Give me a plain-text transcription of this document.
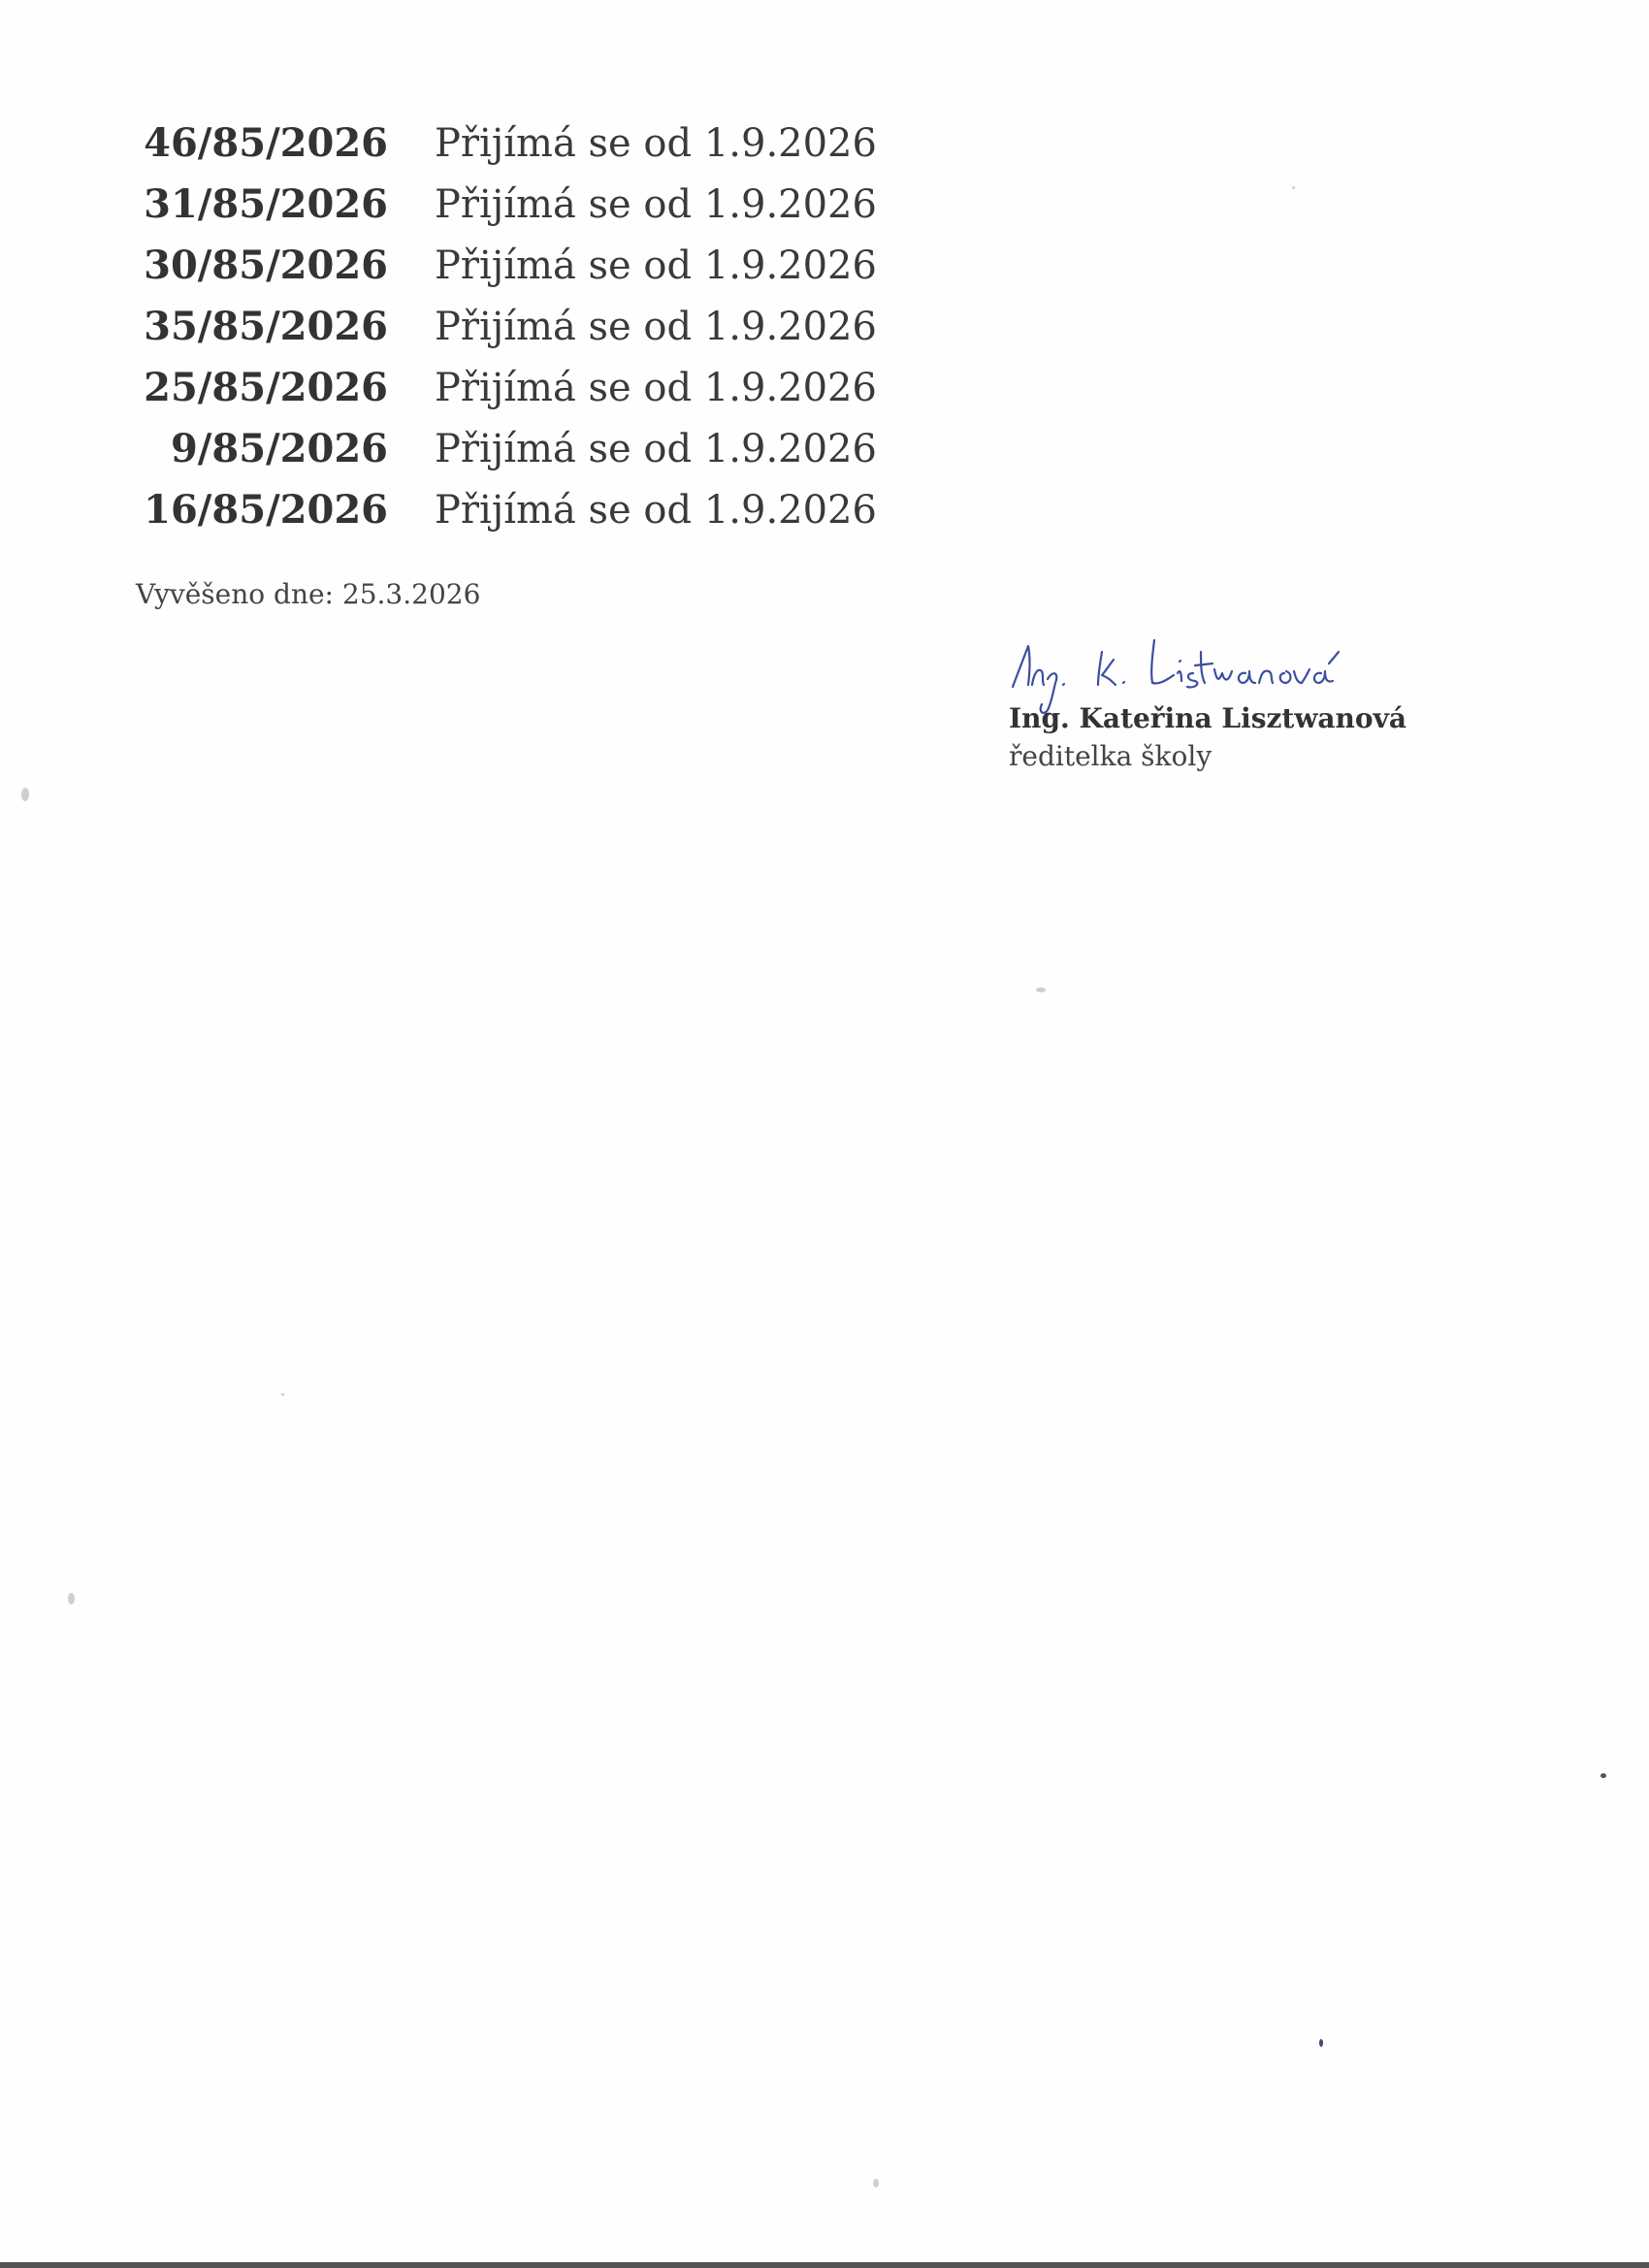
46/85/2026 Přijímá se od 1.9.2026
31/85/2026 Přijímá se od 1.9.2026
30/85/2026 Přijímá se od 1.9.2026
35/85/2026 Přijímá se od 1.9.2026
25/85/2026 Přijímá se od 1.9.2026
9/85/2026 Přijímá se od 1.9.2026
16/85/2026 Přijímá se od 1.9.2026
Vyvěšeno dne: 25.3.2026
Ing. Kateřina Lisztwanová
ředitelka školy
